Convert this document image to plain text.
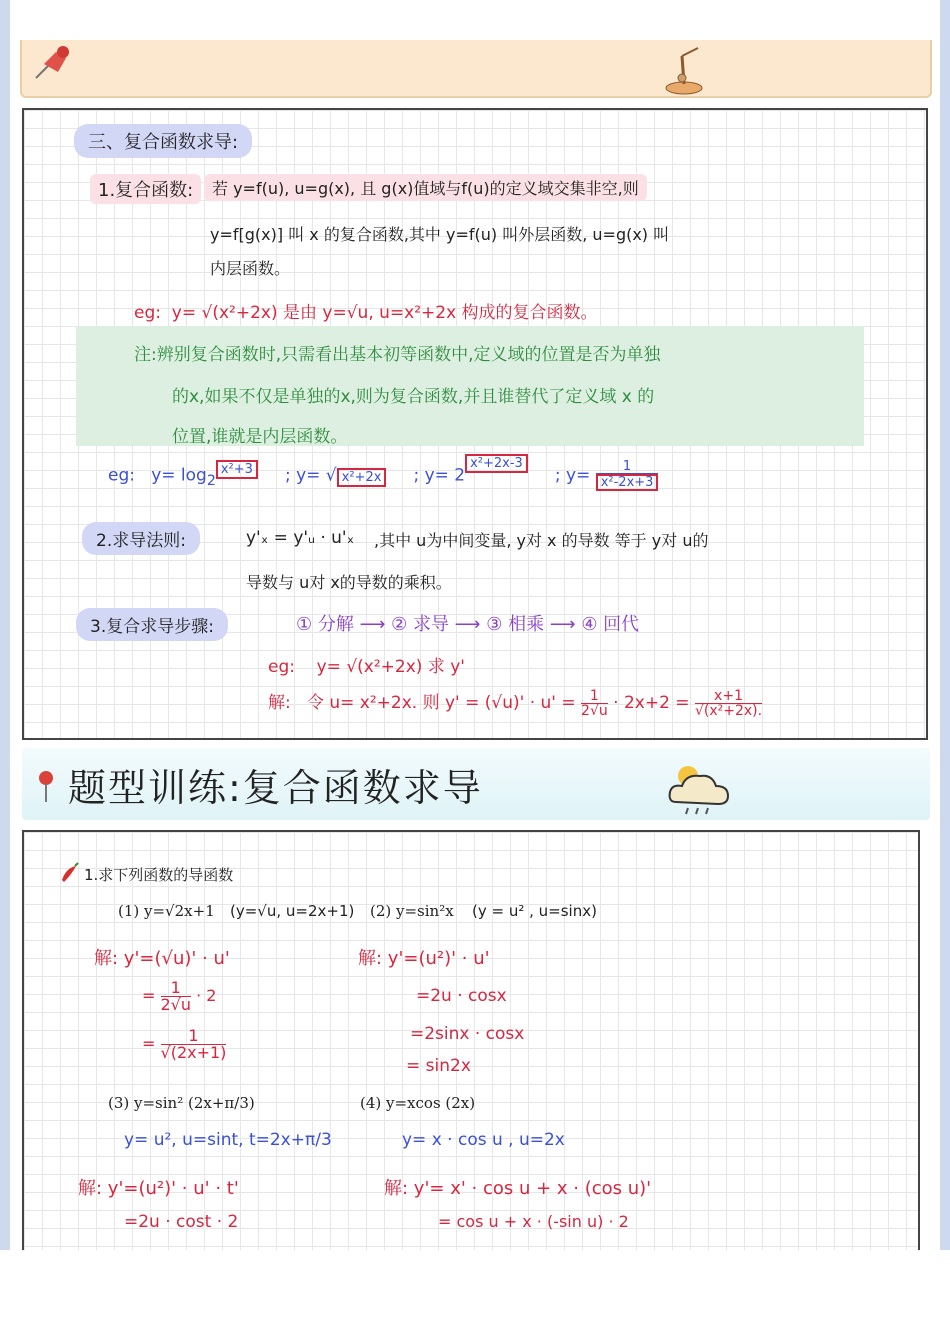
三、复合函数求导:
1.复合函数:	若 y=f(u), u=g(x), 且 g(x)值域与f(u)的定义域交集非空,则
y=f[g(x)] 叫 x 的复合函数,其中 y=f(u) 叫外层函数, u=g(x) 叫
内层函数。
eg: y= √(x²+2x) 是由 y=√u, u=x²+2x 构成的复合函数。
注:辨别复合函数时,只需看出基本初等函数中,定义域的位置是否为单独
的x,如果不仅是单独的x,则为复合函数,并且谁替代了定义域 x 的
位置,谁就是内层函数。
eg: $y= \log_2^{x^2+3}$ ; y= √ x²+2x ; $y= 2^{x^2+2x-3}$     ; $y= \frac{1}{\text{x²-2x+3}}$
2.求导法则:	y'ₓ = y'ᵤ · u'ₓ ,其中 u为中间变量, y对 x 的导数 等于 y对 u的
导数与 u对 x的导数的乘积。
3.复合求导步骤:	① 分解 ⟶ ② 求导 ⟶ ③ 相乘 ⟶ ④ 回代
eg: y= √(x²+2x) 求 y'
解: 令 u= x²+2x. 则 $y' = (√u)' \cdot u' = \frac{1}{2√u} \cdot 2x+2 = \frac{x+1}{\text{√(x²+2x).}}$
题型训练:复合函数求导
1.求下列函数的导函数
(1) y=√2x+1 (y=√u, u=2x+1) (2) y=sin²x (y = u² , u=sinx)
解: y'=(√u)' · u'
= $\frac{1}{2√u} \cdot 2$
= $\frac{1}{√(2x+1)}$
解: y'=(u²)' · u'
=2u · cosx
=2sinx · cosx
= sin2x
(3) y=sin² (2x+π/3)	(4) y=xcos (2x)
y= u², u=sint, t=2x+π/3	y= x · cos u , u=2x
解: y'=(u²)' · u' · t'
=2u · cost · 2
解: y'= x' · cos u + x · (cos u)'
= cos u + x · (-sin u) · 2
